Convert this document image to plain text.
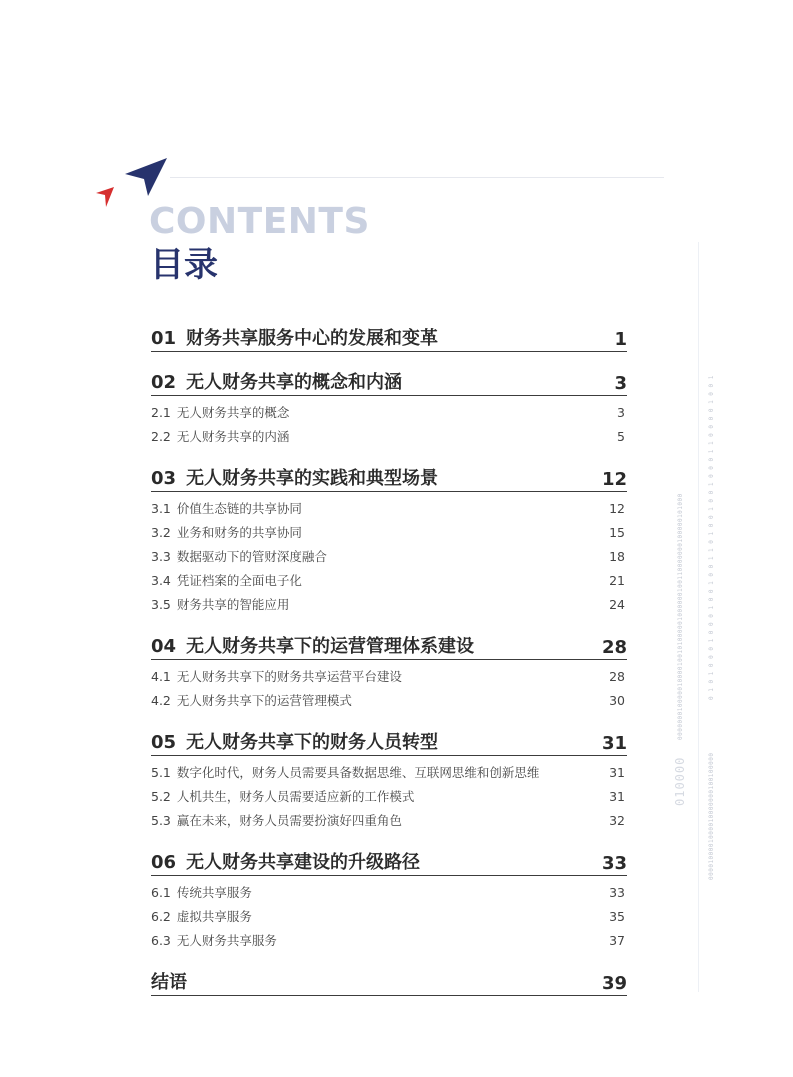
CONTENTS
目录
000000010000010000100101000001000000100110000000100000101000	0 1 0 1 0 0 0 1 0 0 0 1 0 0 1 0 0 1 1 0 1 0 0 1 0 0 1 0 0 0 1 1 0 0 0 0 1 0 0 1
0000100001000010000000100100000
010000
01 财务共享服务中心的发展和变革	1
02 无人财务共享的概念和内涵	3
2.1 无人财务共享的概念	3
2.2 无人财务共享的内涵	5
03 无人财务共享的实践和典型场景	12
3.1 价值生态链的共享协同	12
3.2 业务和财务的共享协同	15
3.3 数据驱动下的管财深度融合	18
3.4 凭证档案的全面电子化	21
3.5 财务共享的智能应用	24
04 无人财务共享下的运营管理体系建设	28
4.1 无人财务共享下的财务共享运营平台建设	28
4.2 无人财务共享下的运营管理模式	30
05 无人财务共享下的财务人员转型	31
5.1 数字化时代，财务人员需要具备数据思维、互联网思维和创新思维	31
5.2 人机共生，财务人员需要适应新的工作模式	31
5.3 赢在未来，财务人员需要扮演好四重角色	32
06 无人财务共享建设的升级路径	33
6.1 传统共享服务	33
6.2 虚拟共享服务	35
6.3 无人财务共享服务	37
结语	39
